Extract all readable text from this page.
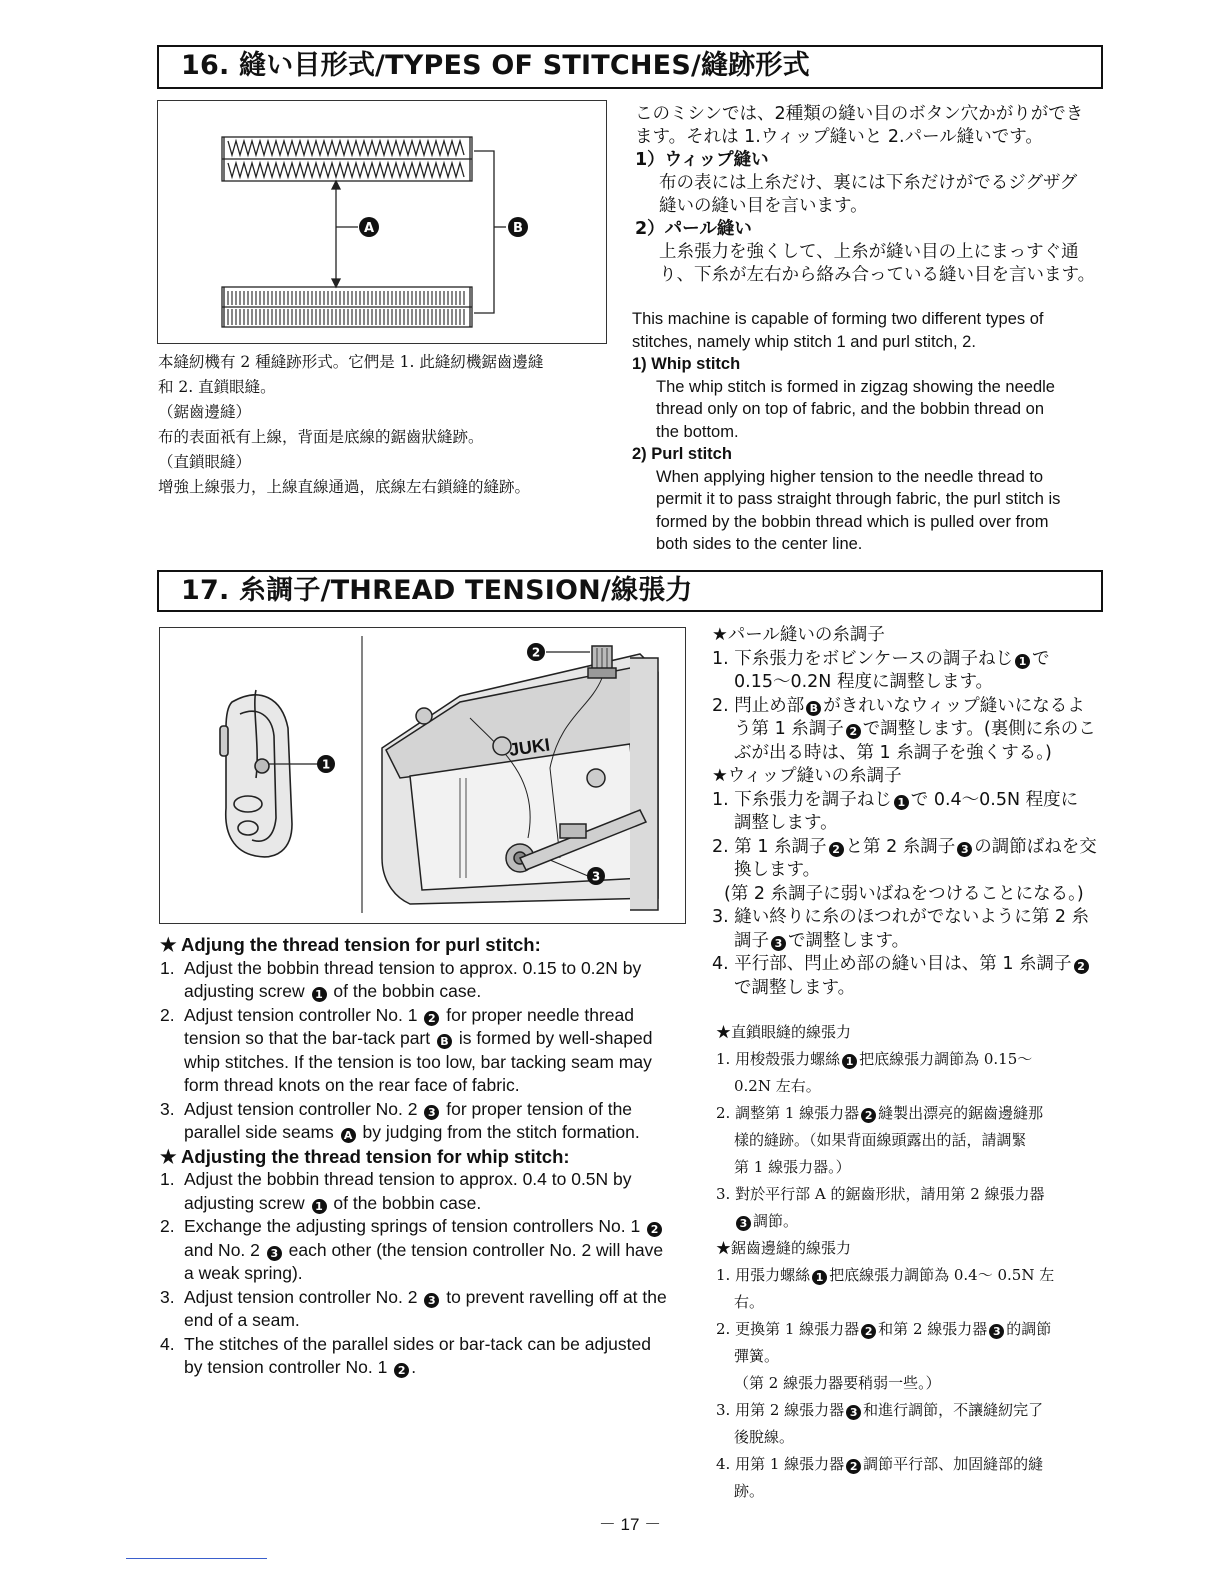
16. 縫い目形式/TYPES OF STITCHES/縫跡形式
A	B
このミシンでは、2種類の縫い目のボタン穴かがりができ
ます。それは 1.ウィップ縫いと 2.パール縫いです。
1）ウィップ縫い
布の表には上糸だけ、裏には下糸だけがでるジグザグ
縫いの縫い目を言います。
2）パール縫い
上糸張力を強くして、上糸が縫い目の上にまっすぐ通
り、下糸が左右から絡み合っている縫い目を言います。
This machine is capable of forming two different types of
stitches, namely whip stitch 1 and purl stitch, 2.
1) Whip stitch
The whip stitch is formed in zigzag showing the needle
thread only on top of fabric, and the bobbin thread on
the bottom.
2) Purl stitch
When applying higher tension to the needle thread to
permit it to pass straight through fabric, the purl stitch is
formed by the bobbin thread which is pulled over from
both sides to the center line.
本縫紉機有 2 種縫跡形式。它們是 1. 此縫紉機鋸齒邊縫
和 2. 直鎖眼縫。
（鋸齒邊縫）
布的表面祇有上線，背面是底線的鋸齒狀縫跡。
（直鎖眼縫）
增強上線張力，上線直線通過，底線左右鎖縫的縫跡。
17. 糸調子/THREAD TENSION/線張力
1
JUKI
2
3
★ Adjung the thread tension for purl stitch:
1. Adjust the bobbin thread tension to approx. 0.15 to 0.2N by
adjusting screw 1 of the bobbin case.
2. Adjust tension controller No. 1 2 for proper needle thread
tension so that the bar-tack part B is formed by well-shaped
whip stitches. If the tension is too low, bar tacking seam may
form thread knots on the rear face of fabric.
3. Adjust tension controller No. 2 3 for proper tension of the
parallel side seams A by judging from the stitch formation.
★ Adjusting the thread tension for whip stitch:
1. Adjust the bobbin thread tension to approx. 0.4 to 0.5N by
adjusting screw 1 of the bobbin case.
2. Exchange the adjusting springs of tension controllers No. 1 2
and No. 2 3 each other (the tension controller No. 2 will have
a weak spring).
3. Adjust tension controller No. 2 3 to prevent ravelling off at the
end of a seam.
4. The stitches of the parallel sides or bar-tack can be adjusted
by tension controller No. 1 2 .
★パール縫いの糸調子
1. 下糸張力をボビンケースの調子ねじ 1 で
0.15～0.2N 程度に調整します。
2. 閂止め部 B がきれいなウィップ縫いになるよ
う第 1 糸調子 2 で調整します。(裏側に糸のこ
ぶが出る時は、第 1 糸調子を強くする。)
★ウィップ縫いの糸調子
1. 下糸張力を調子ねじ 1 で 0.4～0.5N 程度に
調整します。
2. 第 1 糸調子 2 と第 2 糸調子 3 の調節ばねを交
換します。
(第 2 糸調子に弱いばねをつけることになる。)
3. 縫い終りに糸のほつれがでないように第 2 糸
調子 3 で調整します。
4. 平行部、閂止め部の縫い目は、第 1 糸調子 2
で調整します。
★直鎖眼縫的線張力
1. 用梭殼張力螺絲 1 把底線張力調節為 0.15～
0.2N 左右。
2. 調整第 1 線張力器 2 縫製出漂亮的鋸齒邊縫那
樣的縫跡。（如果背面線頭露出的話，請調緊
第 1 線張力器。）
3. 對於平行部 A 的鋸齒形狀，請用第 2 線張力器
3 調節。
★鋸齒邊縫的線張力
1. 用張力螺絲 1 把底線張力調節為 0.4～ 0.5N 左
右。
2. 更換第 1 線張力器 2 和第 2 線張力器 3 的調節
彈簧。
（第 2 線張力器要稍弱一些。）
3. 用第 2 線張力器 3 和進行調節，不讓縫紉完了
後脫線。
4. 用第 1 線張力器 2 調節平行部、加固縫部的縫
跡。
－ 17 －
